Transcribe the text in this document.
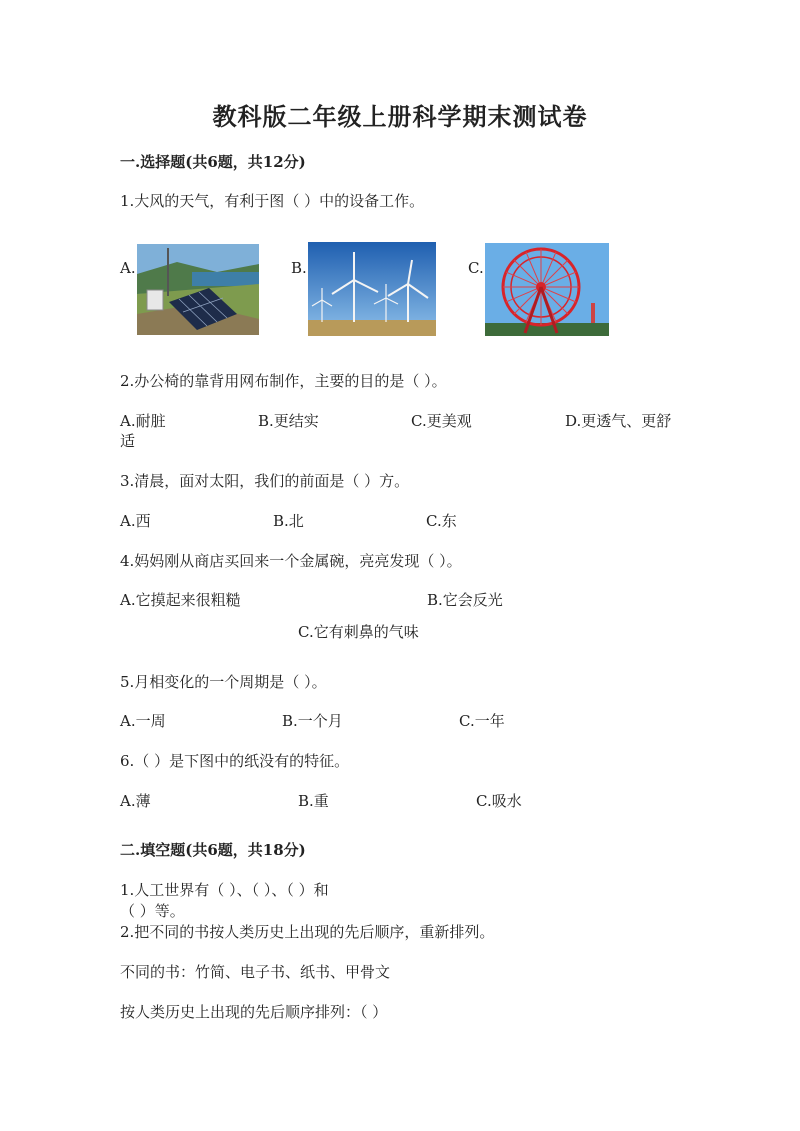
教科版二年级上册科学期末测试卷
一.选择题(共6题，共12分)
1.大风的天气，有利于图（ ）中的设备工作。
A.	B.	C.
2.办公椅的靠背用网布制作，主要的目的是（ ）。
A.耐脏	B.更结实	C.更美观	D.更透气、更舒
适
3.清晨，面对太阳，我们的前面是（ ）方。
A.西	B.北	C.东
4.妈妈刚从商店买回来一个金属碗，亮亮发现（ ）。
A.它摸起来很粗糙	B.它会反光
C.它有刺鼻的气味
5.月相变化的一个周期是（ ）。
A.一周	B.一个月	C.一年
6.（ ）是下图中的纸没有的特征。
A.薄	B.重	C.吸水
二.填空题(共6题，共18分)
1.人工世界有（ ）、（ ）、（ ）和
（ ）等。
2.把不同的书按人类历史上出现的先后顺序，重新排列。
不同的书：竹简、电子书、纸书、甲骨文
按人类历史上出现的先后顺序排列：（ ）
